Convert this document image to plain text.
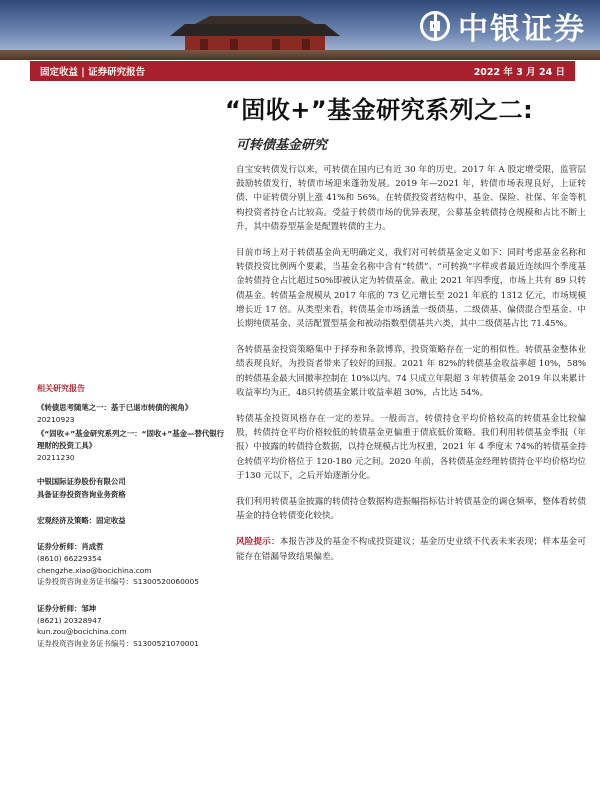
中银证券
固定收益 | 证券研究报告	2022 年 3 月 24 日
“固收+”基金研究系列之二:
可转债基金研究

自宝安转债发行以来，可转债在国内已有近 30 年的历史。2017 年 A 股定增受限，监管层鼓励转债发行，转债市场迎来蓬勃发展。2019 年—2021 年，转债市场表现良好，上证转债、中证转债分别上涨 41%和 56%。在转债投资者结构中，基金、保险、社保、年金等机构投资者持仓占比较高。受益于转债市场的优异表现，公募基金转债持仓规模和占比不断上升，其中债券型基金是配置转债的主力。

目前市场上对于转债基金尚无明确定义，我们对可转债基金定义如下：同时考虑基金名称和转债投资比例两个要素，当基金名称中含有“转债”、“可转换”字样或者最近连续四个季度基金转债持仓占比超过50%即被认定为转债基金。截止 2021 年四季度，市场上共有 89 只转债基金。转债基金规模从 2017 年底的 73 亿元增长至 2021 年底的 1312 亿元，市场规模增长近 17 倍。从类型来看，转债基金市场涵盖一级债基、二级债基、偏债混合型基金、中长期纯债基金、灵活配置型基金和被动指数型债基共六类，其中二级债基占比 71.45%。

各转债基金投资策略集中于择券和条款博弈，投资策略存在一定的相似性。转债基金整体业绩表现良好，为投资者带来了较好的回报。2021 年 82%的转债基金收益率超 10%，58%的转债基金最大回撤率控制在 10%以内。74 只成立年限超 3 年转债基金 2019 年以来累计收益率均为正，48只转债基金累计收益率超 30%，占比达 54%。

转债基金投资风格存在一定的差异。一般而言，转债持仓平均价格较高的转债基金比较偏股，转债持仓平均价格较低的转债基金更偏重于债底低价策略。我们利用转债基金季报（年报）中披露的转债持仓数据，以持仓规模占比为权重，2021 年 4 季度末 74%的转债基金持仓转债平均价格位于 120-180 元之间。2020 年前，各转债基金经理转债持仓平均价格均位于130 元以下，之后开始逐渐分化。

我们利用转债基金披露的转债持仓数据构造振幅指标估计转债基金的调仓频率，整体看转债基金的持仓转债变化较快。

风险提示：本报告涉及的基金不构成投资建议；基金历史业绩不代表未来表现；样本基金可能存在错漏导致结果偏差。

相关研究报告
《转债思考随笔之一：基于已退市转债的视角》
20210923
《“固收+”基金研究系列之一：“固收+”基金—替代银行理财的投资工具》
20211230
中银国际证券股份有限公司
具备证券投资咨询业务资格
宏观经济及策略：固定收益
证券分析师：肖成哲
(8610) 66229354
chengzhe.xiao@bocichina.com
证券投资咨询业务证书编号：S1300520060005
证券分析师：邹坤
(8621) 20328947
kun.zou@bocichina.com
证券投资咨询业务证书编号：S1300521070001
